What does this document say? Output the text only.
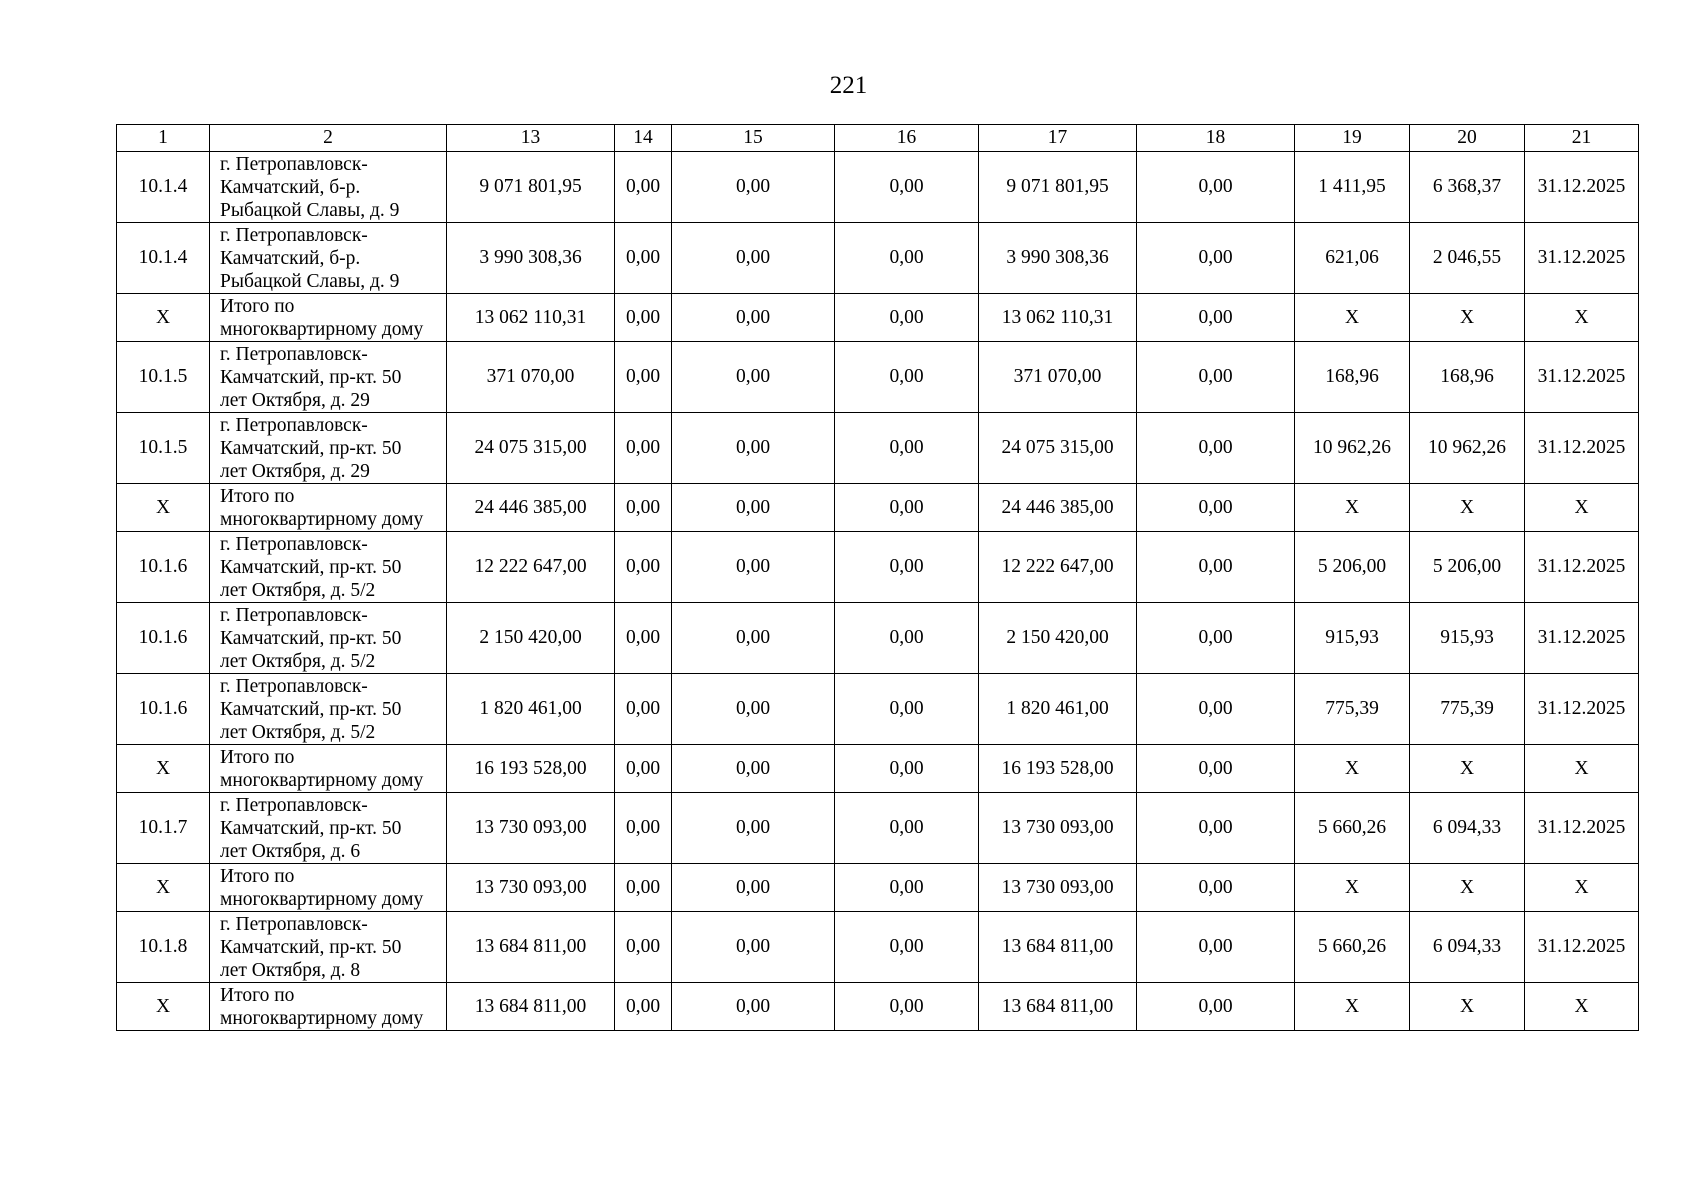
221
1	2	13	14	15	16	17	18	19	20	21
10.1.4	г. Петропавловск-
Камчатский, б-р.
Рыбацкой Славы, д. 9	9 071 801,95	0,00	0,00	0,00	9 071 801,95	0,00	1 411,95	6 368,37	31.12.2025
10.1.4	г. Петропавловск-
Камчатский, б-р.
Рыбацкой Славы, д. 9	3 990 308,36	0,00	0,00	0,00	3 990 308,36	0,00	621,06	2 046,55	31.12.2025
X	Итого по
многоквартирному дому	13 062 110,31	0,00	0,00	0,00	13 062 110,31	0,00	X	X	X
10.1.5	г. Петропавловск-
Камчатский, пр-кт. 50
лет Октября, д. 29	371 070,00	0,00	0,00	0,00	371 070,00	0,00	168,96	168,96	31.12.2025
10.1.5	г. Петропавловск-
Камчатский, пр-кт. 50
лет Октября, д. 29	24 075 315,00	0,00	0,00	0,00	24 075 315,00	0,00	10 962,26	10 962,26	31.12.2025
X	Итого по
многоквартирному дому	24 446 385,00	0,00	0,00	0,00	24 446 385,00	0,00	X	X	X
10.1.6	г. Петропавловск-
Камчатский, пр-кт. 50
лет Октября, д. 5/2	12 222 647,00	0,00	0,00	0,00	12 222 647,00	0,00	5 206,00	5 206,00	31.12.2025
10.1.6	г. Петропавловск-
Камчатский, пр-кт. 50
лет Октября, д. 5/2	2 150 420,00	0,00	0,00	0,00	2 150 420,00	0,00	915,93	915,93	31.12.2025
10.1.6	г. Петропавловск-
Камчатский, пр-кт. 50
лет Октября, д. 5/2	1 820 461,00	0,00	0,00	0,00	1 820 461,00	0,00	775,39	775,39	31.12.2025
X	Итого по
многоквартирному дому	16 193 528,00	0,00	0,00	0,00	16 193 528,00	0,00	X	X	X
10.1.7	г. Петропавловск-
Камчатский, пр-кт. 50
лет Октября, д. 6	13 730 093,00	0,00	0,00	0,00	13 730 093,00	0,00	5 660,26	6 094,33	31.12.2025
X	Итого по
многоквартирному дому	13 730 093,00	0,00	0,00	0,00	13 730 093,00	0,00	X	X	X
10.1.8	г. Петропавловск-
Камчатский, пр-кт. 50
лет Октября, д. 8	13 684 811,00	0,00	0,00	0,00	13 684 811,00	0,00	5 660,26	6 094,33	31.12.2025
X	Итого по
многоквартирному дому	13 684 811,00	0,00	0,00	0,00	13 684 811,00	0,00	X	X	X
